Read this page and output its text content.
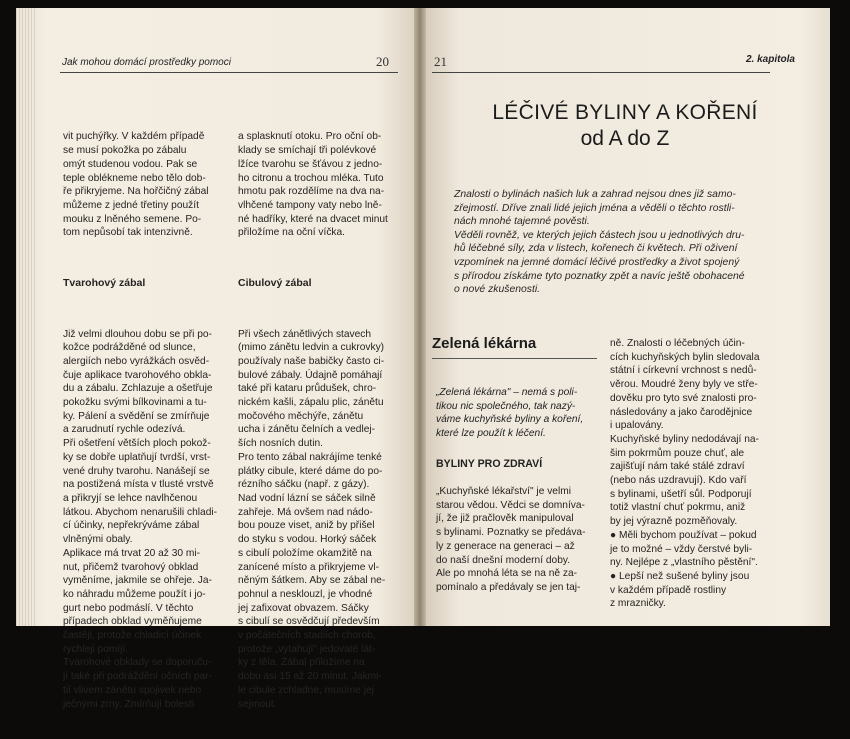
Jak mohou domácí prostředky pomoci	20

vit puchýřky. V každém případě
se musí pokožka po zábalu
omýt studenou vodou. Pak se
teple oblékneme nebo tělo dob-
ře přikryjeme. Na hořčičný zábal
můžeme z jedné třetiny použít
mouku z lněného semene. Po-
tom nepůsobí tak intenzivně.

Tvarohový zábal

Již velmi dlouhou dobu se při po-
kožce podrážděné od slunce,
alergiích nebo vyrážkách osvěd-
čuje aplikace tvarohového obkla-
du a zábalu. Zchlazuje a ošetřuje
pokožku svými bílkovinami a tu-
ky. Pálení a svědění se zmírňuje
a zarudnutí rychle odezívá.
Při ošetření větších ploch pokož-
ky se dobře uplatňují tvrdší, vrst-
vené druhy tvarohu. Nanášejí se
na postižená místa v tlusté vrstvě
a přikryjí se lehce navlhčenou
látkou. Abychom nenarušili chladi-
cí účinky, nepřekrýváme zábal
vlněnými obaly.
Aplikace má trvat 20 až 30 mi-
nut, přičemž tvarohový obklad
vyměníme, jakmile se ohřeje. Ja-
ko náhradu můžeme použít i jo-
gurt nebo podmáslí. V těchto
případech obklad vyměňujeme
častěji, protože chladicí účinek
rychleji pomíjí.
Tvarohové obklady se doporuču-
jí také při podrážděn​í očních par-
tií vlivem zánětu spojivek nebo
ječnými zrny. Zmírňují bolesti

a splasknutí otoku. Pro oční ob-
klady se smíchají tři polévkové
lžíce tvarohu se šťávou z jedno-
ho citronu a trochou mléka. Tuto
hmotu pak rozdělíme na dva na-
vlhčené tampony vaty nebo lně-
né hadříky, které na dvacet minut
přiložíme na oční víčka.

Cibulový zábal

Při všech zánětlivých stavech
(mimo zánětu ledvin a cukrovky)
používaly naše babičky často ci-
bulové zábaly. Údajně pomáhají
také při kataru průdušek, chro-
nickém kašli, zápalu plic, zánětu
močového měchýře, zánětu
ucha i zánětu čelních a vedlej-
ších nosních dutin.
Pro tento zábal nakrájíme tenké
plátky cibule, které dáme do po-
rézního sáčku (např. z gázy).
Nad vodní lázní se sáček silně
zahřeje. Má ovšem nad nádo-
bou pouze viset, aniž by přišel
do styku s vodou. Horký sáček
s cibulí položíme okamžitě na
zanícené místo a přikryjeme vl-
něným šátkem. Aby se zábal ne-
pohnul a nesklouzl, je vhodné
jej zafixovat obvazem. Sáčky
s cibulí se osvědčují především
v počátečních stadiích chorob,
protože „vytahují" jedovaté lát-
ky z těla. Zábal přiložíme na
dobu asi 15 až 20 minut. Jakmi-
le cibule zchladne, musíme jej
sejmout.

21	2. kapitola
LÉČIVÉ BYLINY A KOŘENÍ
od A do Z
Znalosti o bylinách našich luk a zahrad nejsou dnes již samo-
zřejmostí. Dříve znali lidé jejich jména a věděli o těchto rostli-
nách mnohé tajemné pověsti.
Věděli rovněž, ve kterých jejich částech jsou u jednotlivých dru-
hů léčebné síly, zda v listech, kořenech či květech. Při oživení
vzpomínek na jemné domácí léčivé prostředky a život spojený
s přírodou získáme tyto poznatky zpět a navíc ještě obohacené
o nové zkušenosti.
Zelená lékárna
„Zelená lékárna" – nemá s poli-
tikou nic společného, tak nazý-
váme kuchyňské byliny a koření,
které lze použít k léčení.
BYLINY PRO ZDRAVÍ
„Kuchyňské lékařství" je velmi
starou vědou. Vědci se domníva-
jí, že již pračlověk manipuloval
s bylinami. Poznatky se předáva-
ly z generace na generaci – až
do naší dnešní moderní doby.
Ale po mnohá léta se na ně za-
pomínalo a předávaly se jen taj-
ně. Znalosti o léčebných účin-
cích kuchyňských bylin sledovala
státní i církevní vrchnost s nedů-
věrou. Moudré ženy byly ve stře-
dověku pro tyto své znalosti pro-
následovány a jako čarodějnice
i upalovány.
Kuchyňské byliny nedodávají na-
šim pokrmům pouze chuť, ale
zajišťují nám také stálé zdraví
(nebo nás uzdravují). Kdo vaří
s bylinami, ušetří sůl. Podporují
totiž vlastní chuť pokrmu, aniž
by jej výrazně pozměňovaly.
● Měli bychom používat – pokud
je to možné – vždy čerstvé byli-
ny. Nejlépe z „vlastního pěstění".
● Lepší než sušené byliny jsou
v každém případě rostliny
z mrazničky.
